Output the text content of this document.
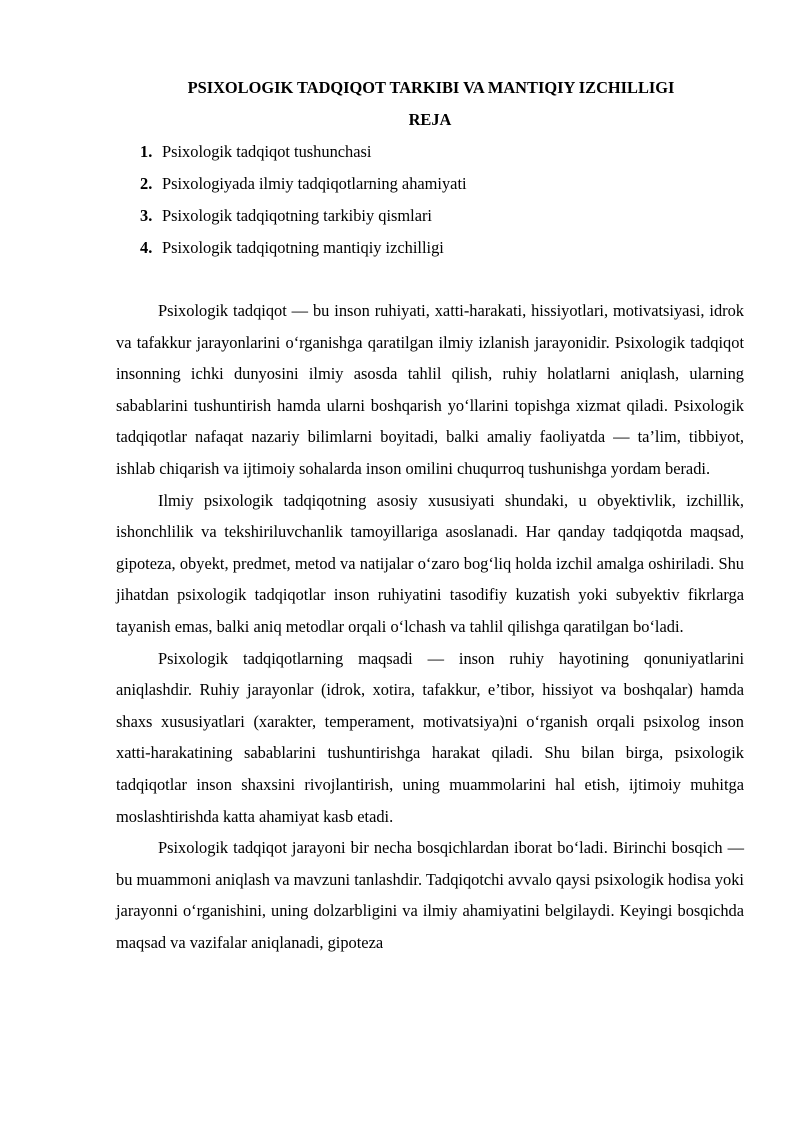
PSIXOLOGIK TADQIQOT TARKIBI VA MANTIQIY IZCHILLIGI
REJA
1. Psixologik tadqiqot tushunchasi
2. Psixologiyada ilmiy tadqiqotlarning ahamiyati
3. Psixologik tadqiqotning tarkibiy qismlari
4. Psixologik tadqiqotning mantiqiy izchilligi

Psixologik tadqiqot — bu inson ruhiyati, xatti-harakati, hissiyotlari, motivatsiyasi, idrok va tafakkur jarayonlarini o‘rganishga qaratilgan ilmiy izlanish jarayonidir. Psixologik tadqiqot insonning ichki dunyosini ilmiy asosda tahlil qilish, ruhiy holatlarni aniqlash, ularning sabablarini tushuntirish hamda ularni boshqarish yo‘llarini topishga xizmat qiladi. Psixologik tadqiqotlar nafaqat nazariy bilimlarni boyitadi, balki amaliy faoliyatda — ta’lim, tibbiyot, ishlab chiqarish va ijtimoiy sohalarda inson omilini chuqurroq tushunishga yordam beradi.

Ilmiy psixologik tadqiqotning asosiy xususiyati shundaki, u obyektivlik, izchillik, ishonchlilik va tekshiriluvchanlik tamoyillariga asoslanadi. Har qanday tadqiqotda maqsad, gipoteza, obyekt, predmet, metod va natijalar o‘zaro bog‘liq holda izchil amalga oshiriladi. Shu jihatdan psixologik tadqiqotlar inson ruhiyatini tasodifiy kuzatish yoki subyektiv fikrlarga tayanish emas, balki aniq metodlar orqali o‘lchash va tahlil qilishga qaratilgan bo‘ladi.

Psixologik tadqiqotlarning maqsadi — inson ruhiy hayotining qonuniyatlarini aniqlashdir. Ruhiy jarayonlar (idrok, xotira, tafakkur, e’tibor, hissiyot va boshqalar) hamda shaxs xususiyatlari (xarakter, temperament, motivatsiya)ni o‘rganish orqali psixolog inson xatti-harakatining sabablarini tushuntirishga harakat qiladi. Shu bilan birga, psixologik tadqiqotlar inson shaxsini rivojlantirish, uning muammolarini hal etish, ijtimoiy muhitga moslashtirishda katta ahamiyat kasb etadi.

Psixologik tadqiqot jarayoni bir necha bosqichlardan iborat bo‘ladi. Birinchi bosqich — bu muammoni aniqlash va mavzuni tanlashdir. Tadqiqotchi avvalo qaysi psixologik hodisa yoki jarayonni o‘rganishini, uning dolzarbligini va ilmiy ahamiyatini belgilaydi. Keyingi bosqichda maqsad va vazifalar aniqlanadi, gipoteza
